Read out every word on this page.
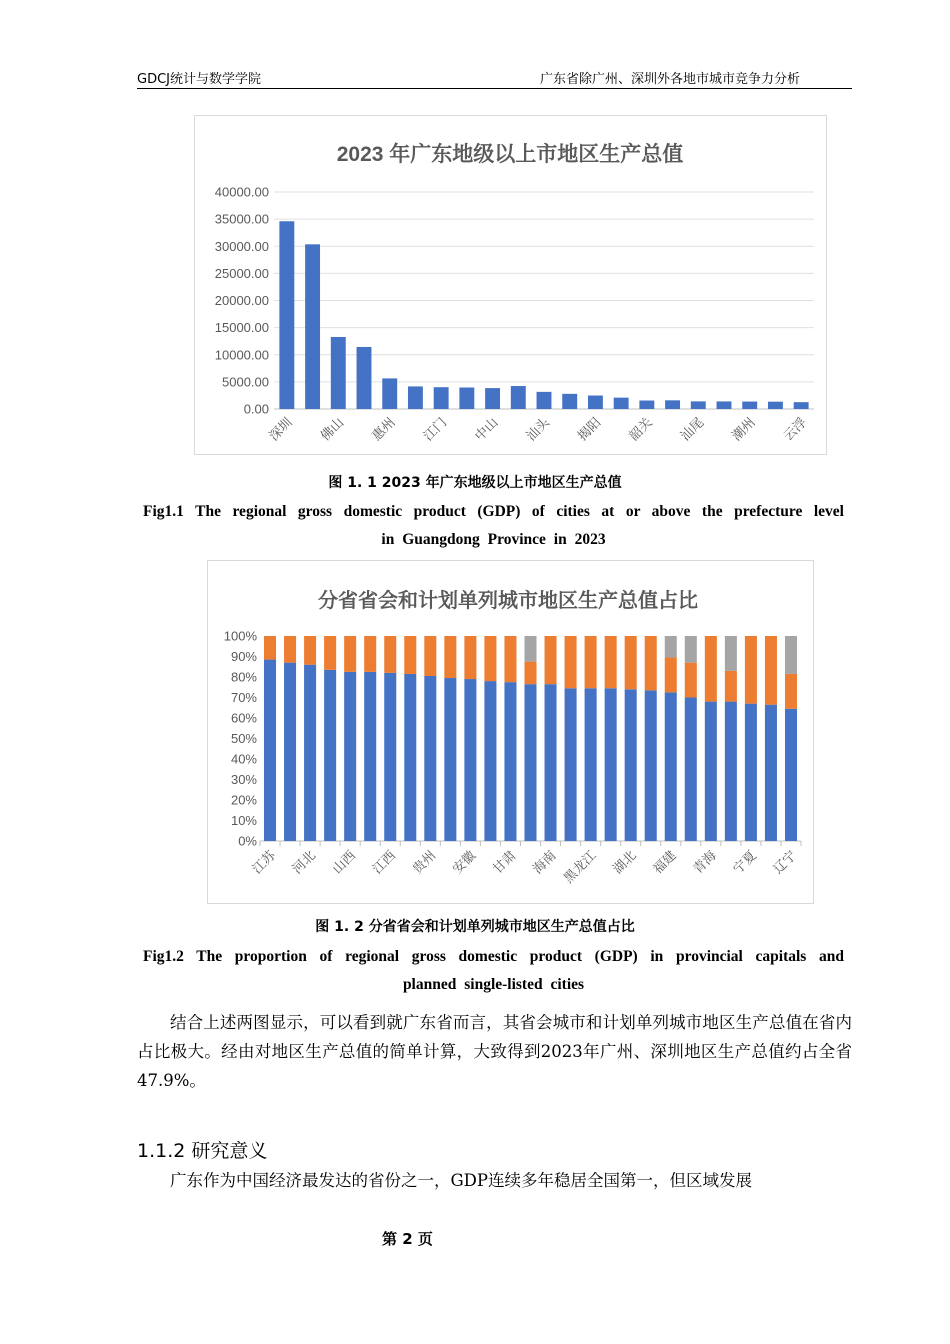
GDCJ统计与数学学院	广东省除广州、深圳外各地市城市竞争力分析
2023 年广东地级以上市地区生产总值
0.00
5000.00
10000.00
15000.00
20000.00
25000.00
30000.00
35000.00
40000.00
深圳 佛山 惠州 江门 中山 汕头 揭阳 韶关 汕尾 潮州 云浮
图 1. 1 2023 年广东地级以上市地区生产总值
Fig1.1 The regional gross domestic product (GDP) of cities at or above the prefecture level
in Guangdong Province in 2023
分省省会和计划单列城市地区生产总值占比
0%
10%
20%
30%
40%
50%
60%
70%
80%
90%
100%
江苏 河北 山西 江西 贵州 安徽 甘肃 海南 黑龙江 湖北 福建 青海 宁夏 辽宁
图 1. 2 分省省会和计划单列城市地区生产总值占比
Fig1.2 The proportion of regional gross domestic product (GDP) in provincial capitals and
planned single-listed cities

结合上述两图显示，可以看到就广东省而言，其省会城市和计划单列城市地区生产总值在省内占比极大。经由对地区生产总值的简单计算，大致得到2023年广州、深圳地区生产总值约占全省47.9%。

1.1.2 研究意义

广东作为中国经济最发达的省份之一，GDP连续多年稳居全国第一，但区域发展

第 2 页
